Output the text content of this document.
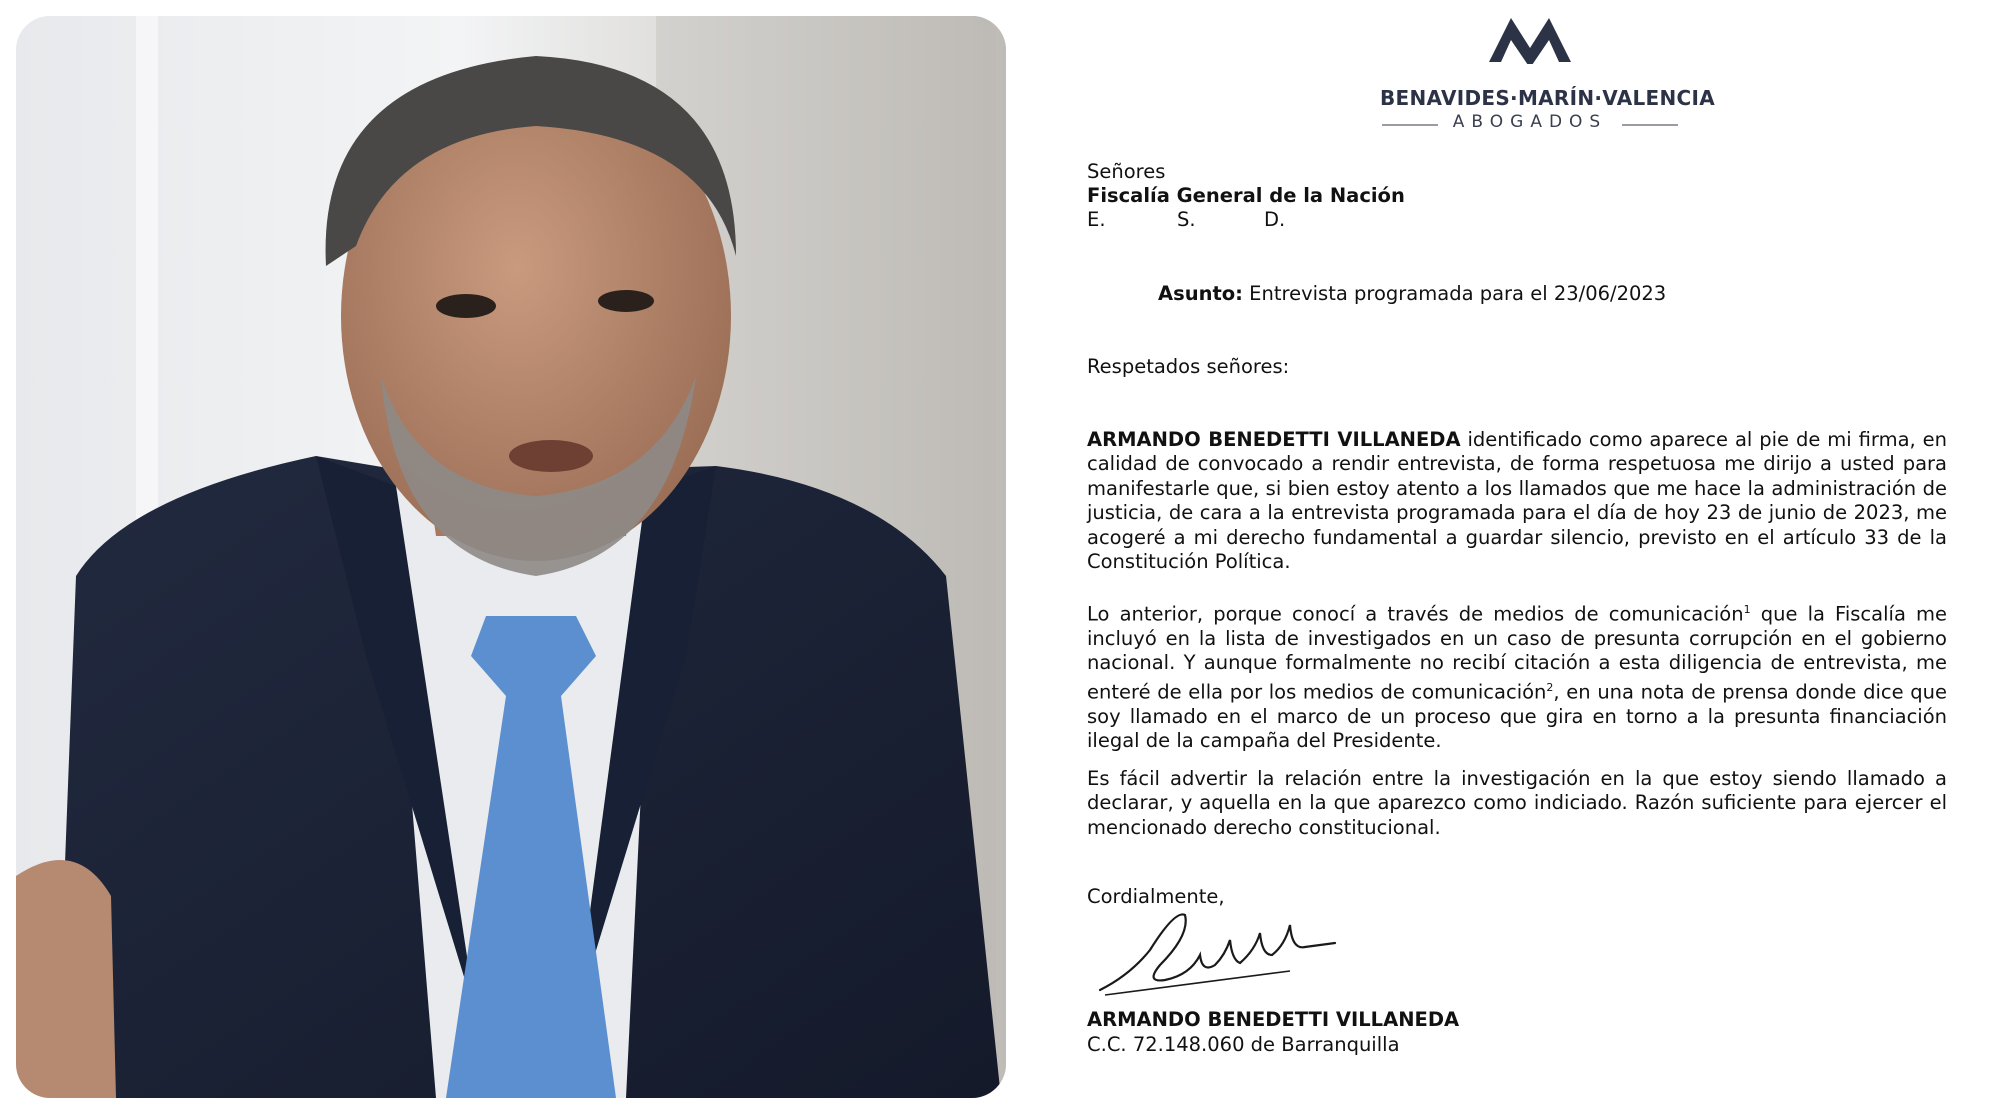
BENAVIDES·MARÍN·VALENCIA
ABOGADOS
Señores
Fiscalía General de la Nación
E.	S.	D.
Asunto: Entrevista programada para el 23/06/2023
Respetados señores:
ARMANDO BENEDETTI VILLANEDA identificado como aparece al pie de mi firma, en calidad de convocado a rendir entrevista, de forma respetuosa me dirijo a usted para manifestarle que, si bien estoy atento a los llamados que me hace la administración de justicia, de cara a la entrevista programada para el día de hoy 23 de junio de 2023, me acogeré a mi derecho fundamental a guardar silencio, previsto en el artículo 33 de la Constitución Política.
Lo anterior, porque conocí a través de medios de comunicación$^1$ que la Fiscalía me incluyó en la lista de investigados en un caso de presunta corrupción en el gobierno nacional. Y aunque formalmente no recibí citación a esta diligencia de entrevista, me enteré de ella por los medios de comunicación$^2$, en una nota de prensa donde dice que soy llamado en el marco de un proceso que gira en torno a la presunta financiación ilegal de la campaña del Presidente.
Es fácil advertir la relación entre la investigación en la que estoy siendo llamado a declarar, y aquella en la que aparezco como indiciado. Razón suficiente para ejercer el mencionado derecho constitucional.
Cordialmente,
ARMANDO BENEDETTI VILLANEDA
C.C. 72.148.060 de Barranquilla
